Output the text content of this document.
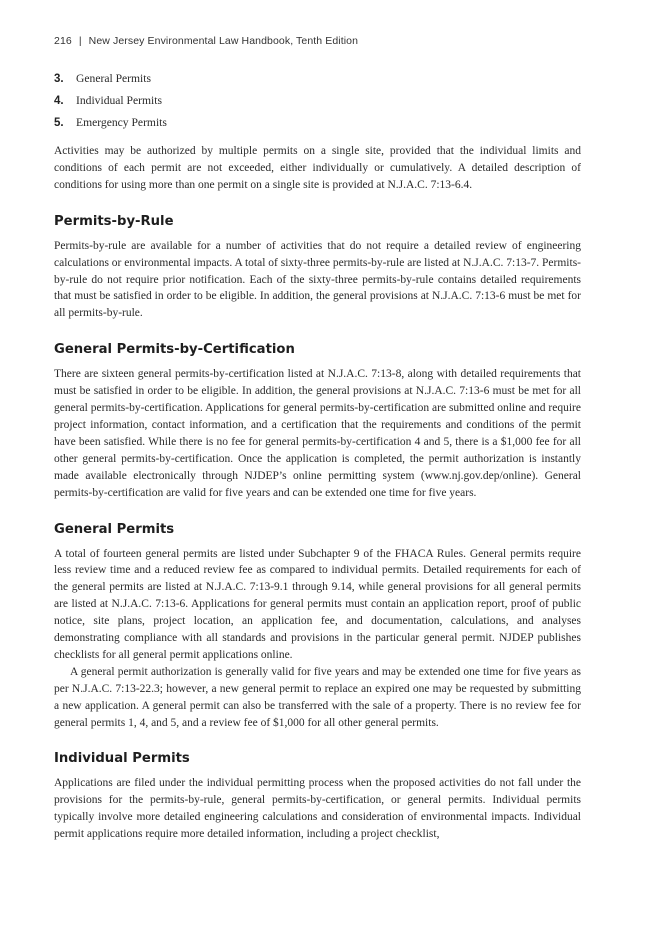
216 | New Jersey Environmental Law Handbook, Tenth Edition
3. General Permits
4. Individual Permits
5. Emergency Permits

Activities may be authorized by multiple permits on a single site, provided that the individual limits and conditions of each permit are not exceeded, either individually or cumulatively. A detailed description of conditions for using more than one permit on a single site is provided at N.J.A.C. 7:13-6.4.

Permits-by-Rule

Permits-by-rule are available for a number of activities that do not require a detailed review of engineering calculations or environmental impacts. A total of sixty-three permits-by-rule are listed at N.J.A.C. 7:13-7. Permits-by-rule do not require prior notification. Each of the sixty-three permits-by-rule contains detailed requirements that must be satisfied in order to be eligible. In addition, the general provisions at N.J.A.C. 7:13-6 must be met for all permits-by-rule.

General Permits-by-Certification

There are sixteen general permits-by-certification listed at N.J.A.C. 7:13-8, along with detailed requirements that must be satisfied in order to be eligible. In addition, the general provisions at N.J.A.C. 7:13-6 must be met for all general permits-by-certification. Applications for general permits-by-certification are submitted online and require project information, contact information, and a certification that the requirements and conditions of the permit have been satisfied. While there is no fee for general permits-by-certification 4 and 5, there is a $1,000 fee for all other general permits-by-certification. Once the application is completed, the permit authorization is instantly made available electronically through NJDEP’s online permitting system (www.nj.gov.dep/online). General permits-by-certification are valid for five years and can be extended one time for five years.

General Permits

A total of fourteen general permits are listed under Subchapter 9 of the FHACA Rules. General permits require less review time and a reduced review fee as compared to individual permits. Detailed requirements for each of the general permits are listed at N.J.A.C. 7:13-9.1 through 9.14, while general provisions for all general permits are listed at N.J.A.C. 7:13-6. Applications for general permits must contain an application report, proof of public notice, site plans, project location, an application fee, and documentation, calculations, and analyses demonstrating compliance with all standards and provisions in the particular general permit. NJDEP publishes checklists for all general permit applications online.

A general permit authorization is generally valid for five years and may be extended one time for five years as per N.J.A.C. 7:13-22.3; however, a new general permit to replace an expired one may be requested by submitting a new application. A general permit can also be transferred with the sale of a property. There is no review fee for general permits 1, 4, and 5, and a review fee of $1,000 for all other general permits.

Individual Permits

Applications are filed under the individual permitting process when the proposed activities do not fall under the provisions for the permits-by-rule, general permits-by-certification, or general permits. Individual permits typically involve more detailed engineering calculations and consideration of environmental impacts. Individual permit applications require more detailed information, including a project checklist,
